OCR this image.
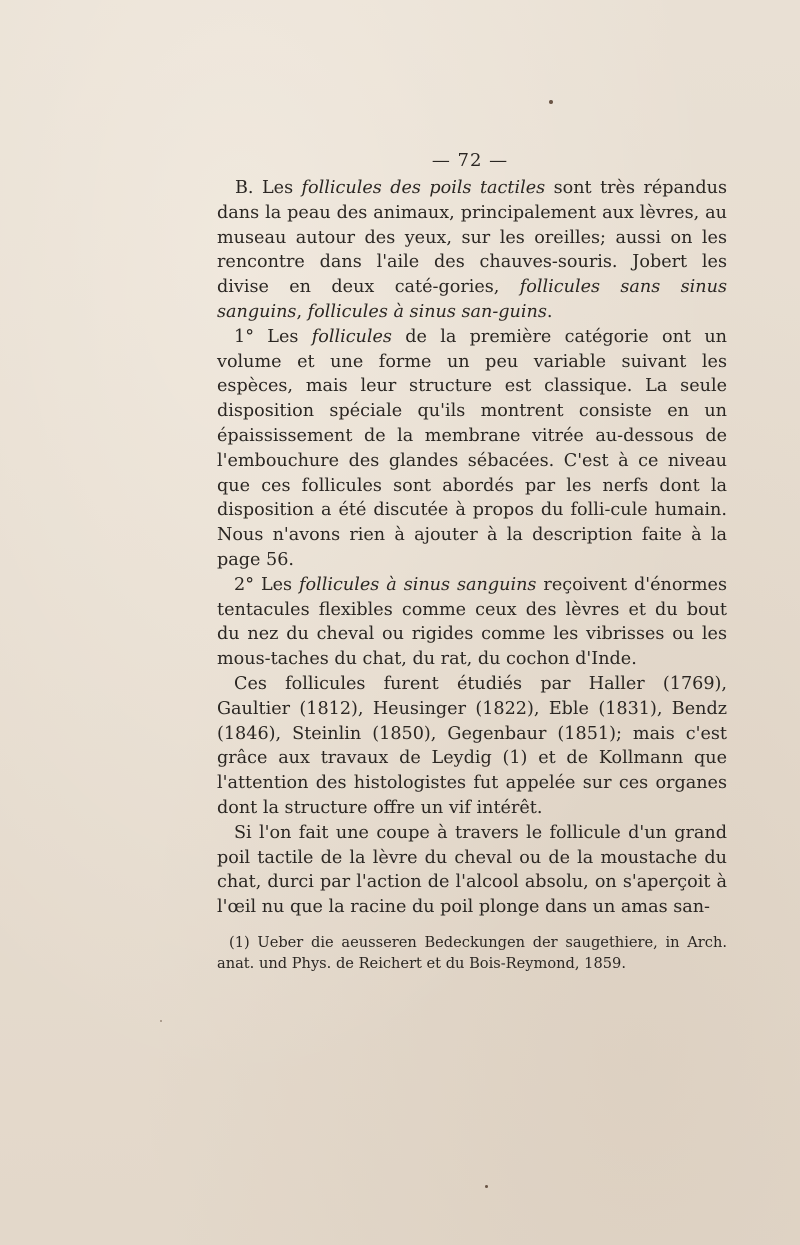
— 72 —

B. Les follicules des poils tactiles sont très répandus dans la peau des animaux, principalement aux lèvres, au museau autour des yeux, sur les oreilles; aussi on les rencontre dans l'aile des chauves-souris. Jobert les divise en deux caté-gories, follicules sans sinus sanguins, follicules à sinus san-guins.

1° Les follicules de la première catégorie ont un volume et une forme un peu variable suivant les espèces, mais leur structure est classique. La seule disposition spéciale qu'ils montrent consiste en un épaississement de la membrane vitrée au-dessous de l'embouchure des glandes sébacées. C'est à ce niveau que ces follicules sont abordés par les nerfs dont la disposition a été discutée à propos du folli-cule humain. Nous n'avons rien à ajouter à la description faite à la page 56.

2° Les follicules à sinus sanguins reçoivent d'énormes tentacules flexibles comme ceux des lèvres et du bout du nez du cheval ou rigides comme les vibrisses ou les mous-taches du chat, du rat, du cochon d'Inde.

Ces follicules furent étudiés par Haller (1769), Gaultier (1812), Heusinger (1822), Eble (1831), Bendz (1846), Steinlin (1850), Gegenbaur (1851); mais c'est grâce aux travaux de Leydig (1) et de Kollmann que l'attention des histologistes fut appelée sur ces organes dont la structure offre un vif intérêt.

Si l'on fait une coupe à travers le follicule d'un grand poil tactile de la lèvre du cheval ou de la moustache du chat, durci par l'action de l'alcool absolu, on s'aperçoit à l'œil nu que la racine du poil plonge dans un amas san-

(1) Ueber die aeusseren Bedeckungen der saugethiere, in Arch. anat. und Phys. de Reichert et du Bois-Reymond, 1859.
